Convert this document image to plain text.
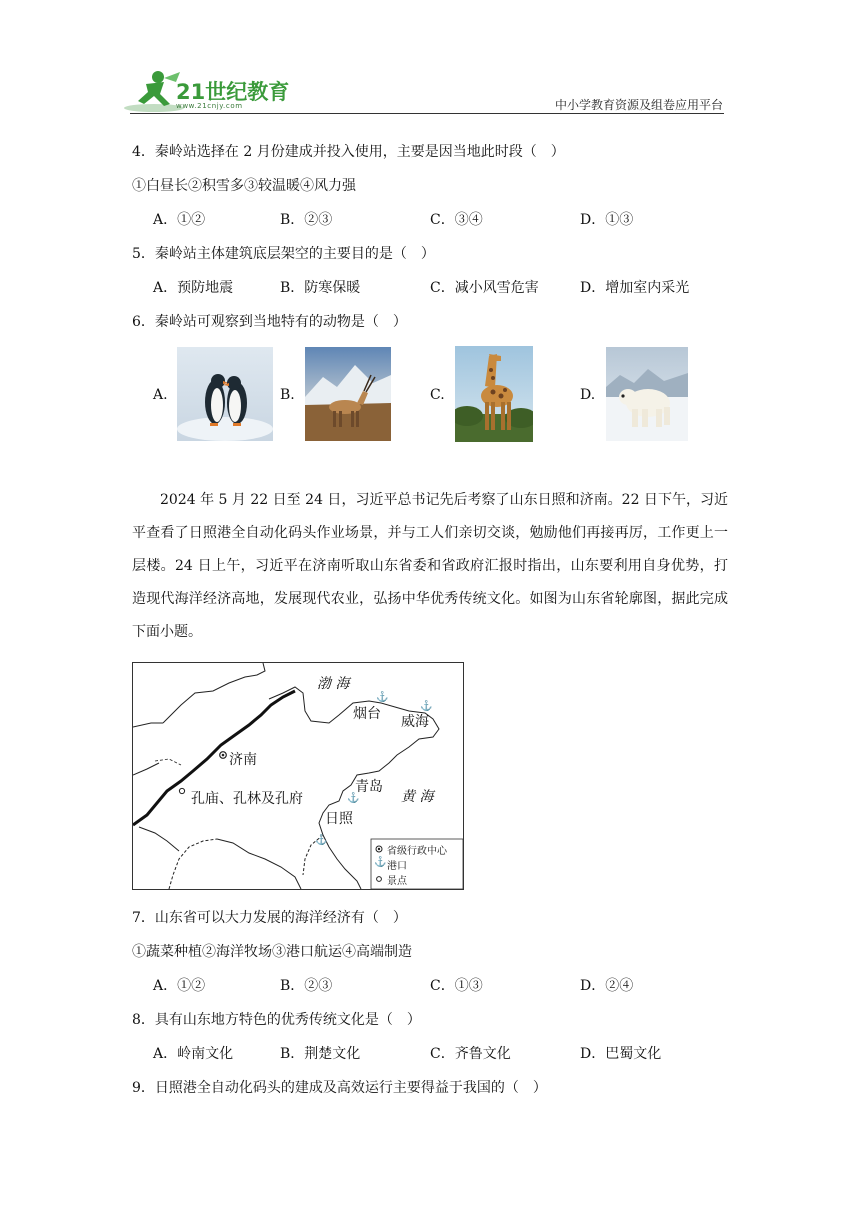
21世纪教育
www.21cnjy.com	中小学教育资源及组卷应用平台
4．秦岭站选择在 2 月份建成并投入使用，主要是因当地此时段（　）
①白昼长②积雪多③较温暖④风力强
A．①②	B．②③	C．③④	D．①③
5．秦岭站主体建筑底层架空的主要目的是（　）
A．预防地震	B．防寒保暖	C．减小风雪危害	D．增加室内采光
6．秦岭站可观察到当地特有的动物是（　）
A.	B.	C.	D.

2024 年 5 月 22 日至 24 日，习近平总书记先后考察了山东日照和济南。22 日下午，习近平查看了日照港全自动化码头作业场景，并与工人们亲切交谈，勉励他们再接再厉，工作更上一层楼。24 日上午，习近平在济南听取山东省委和省政府汇报时指出，山东要利用自身优势，打造现代海洋经济高地，发展现代农业，弘扬中华优秀传统文化。如图为山东省轮廓图，据此完成下面小题。

⚓
⚓
⚓
⚓
⚓
渤 海
烟台 威海
济南
青岛
黄 海
孔庙、孔林及孔府
日照
省级行政中心
港口
景点
7．山东省可以大力发展的海洋经济有（　）
①蔬菜种植②海洋牧场③港口航运④高端制造
A．①②	B．②③	C．①③	D．②④
8．具有山东地方特色的优秀传统文化是（　）
A．岭南文化	B．荆楚文化	C．齐鲁文化	D．巴蜀文化
9．日照港全自动化码头的建成及高效运行主要得益于我国的（　）
